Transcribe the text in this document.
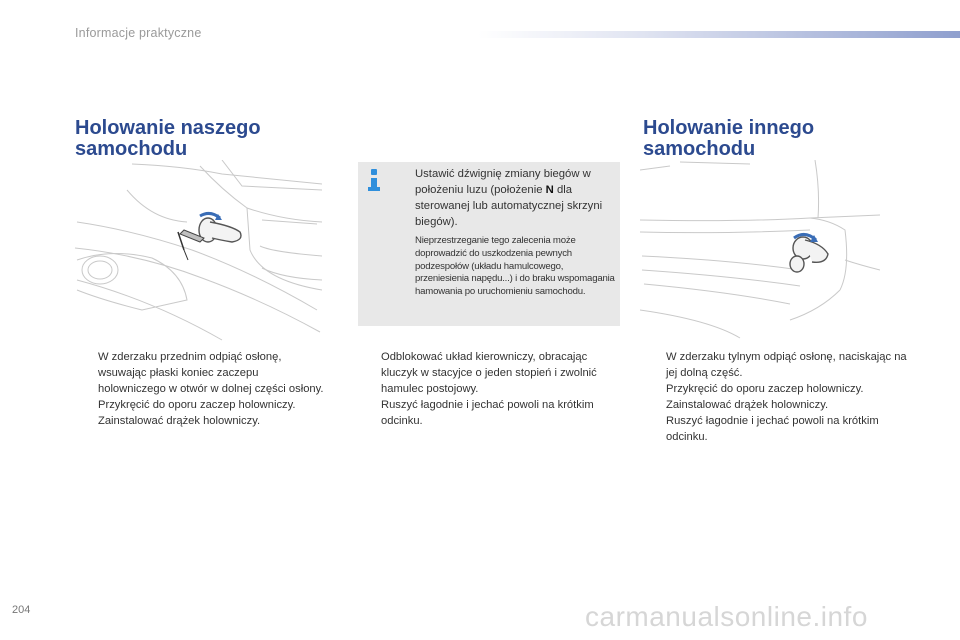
Informacje praktyczne
Holowanie naszego
samochodu
Holowanie innego
samochodu
Ustawić dźwignię zmiany biegów w położeniu luzu (położenie N dla sterowanej lub automatycznej skrzyni biegów).
Nieprzestrzeganie tego zalecenia może doprowadzić do uszkodzenia pewnych podzespołów (układu hamulcowego, przeniesienia napędu...) i do braku wspomagania hamowania po uruchomieniu samochodu.
W zderzaku przednim odpiąć osłonę, wsuwając płaski koniec zaczepu holowniczego w otwór w dolnej części osłony.
Przykręcić do oporu zaczep holowniczy.
Zainstalować drążek holowniczy.
Odblokować układ kierowniczy, obracając kluczyk w stacyjce o jeden stopień i zwolnić hamulec postojowy.
Ruszyć łagodnie i jechać powoli na krótkim odcinku.
W zderzaku tylnym odpiąć osłonę, naciskając na jej dolną część.
Przykręcić do oporu zaczep holowniczy.
Zainstalować drążek holowniczy.
Ruszyć łagodnie i jechać powoli na krótkim odcinku.
204	carmanualsonline.info
